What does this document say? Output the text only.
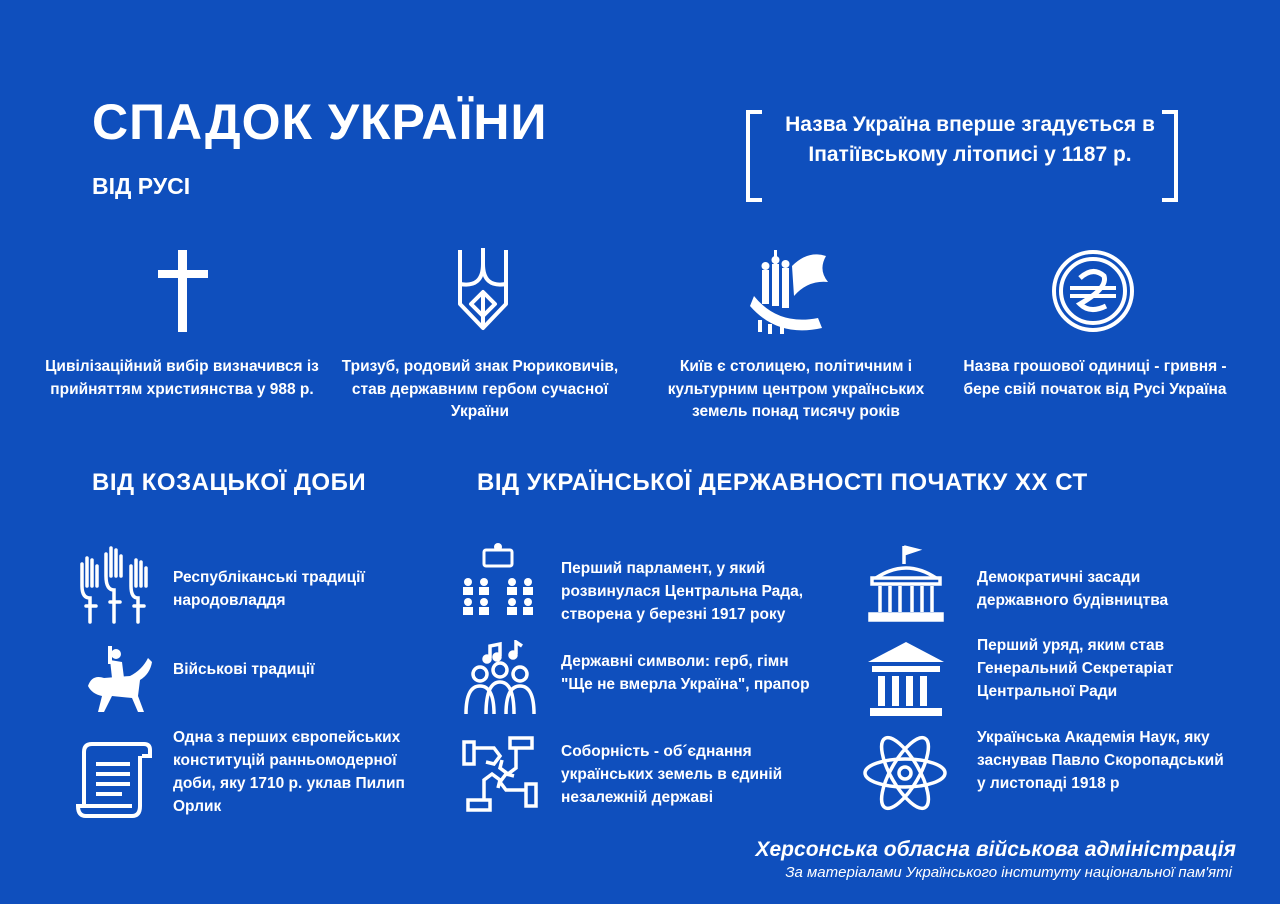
СПАДОК УКРАЇНИ
ВІД РУСІ
Назва Україна вперше згадується в Іпатіївському літописі у 1187 р.
Цивілізаційний вибір визначився із прийняттям християнства у 988 р.
Тризуб, родовий знак Рюриковичів, став державним гербом сучасної України
Київ є столицею, політичним і культурним центром українських земель понад тисячу років
Назва грошової одиниці - гривня - бере свій початок від Русі Україна
ВІД КОЗАЦЬКОЇ ДОБИ	ВІД УКРАЇНСЬКОЇ ДЕРЖАВНОСТІ ПОЧАТКУ ХХ СТ
Республіканські традиції народовладдя
Військові традиції
Одна з перших європейських конституцій ранньомодерної доби, яку 1710 р. уклав Пилип Орлик
Перший парламент, у який розвинулася Центральна Рада, створена у березні 1917 року
Державні символи: герб, гімн "Ще не вмерла Україна", прапор
Соборність - об´єднання українських земель в єдиній незалежній державі
Демократичні засади державного будівництва
Перший уряд, яким став Генеральний Секретаріат Центральної Ради
Українська Академія Наук, яку заснував Павло Скоропадський у листопаді 1918 р
Херсонська обласна військова адміністрація
За матеріалами Українського інституту національної пам'яті
